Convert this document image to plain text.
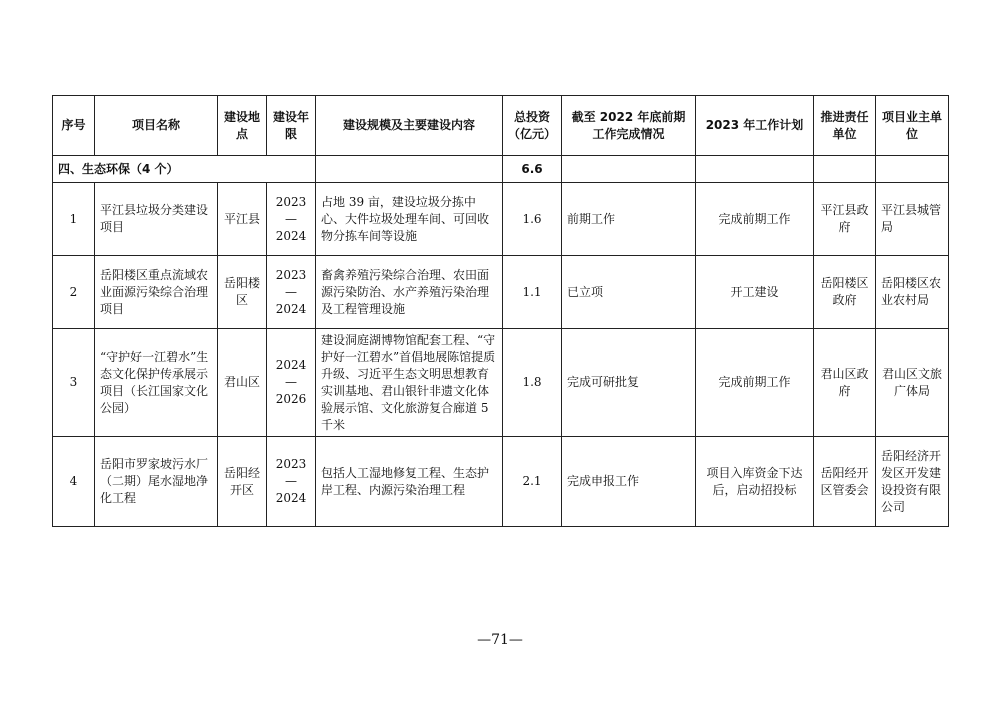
序号	项目名称	建设地点	建设年限	建设规模及主要建设内容	总投资（亿元）	截至 2022 年底前期工作完成情况	2023 年工作计划	推进责任单位	项目业主单位
四、生态环保（4 个）					6.6				
1	平江县垃圾分类建设项目	平江县	2023—2024	占地 39 亩，建设垃圾分拣中心、大件垃圾处理车间、可回收物分拣车间等设施	1.6	前期工作	完成前期工作	平江县政府	平江县城管局
2	岳阳楼区重点流域农业面源污染综合治理项目	岳阳楼区	2023—2024	畜禽养殖污染综合治理、农田面源污染防治、水产养殖污染治理及工程管理设施	1.1	已立项	开工建设	岳阳楼区政府	岳阳楼区农业农村局
3	“守护好一江碧水”生态文化保护传承展示项目（长江国家文化公园）	君山区	2024—2026	建设洞庭湖博物馆配套工程、“守护好一江碧水”首倡地展陈馆提质升级、习近平生态文明思想教育实训基地、君山银针非遗文化体验展示馆、文化旅游复合廊道 5 千米	1.8	完成可研批复	完成前期工作	君山区政府	君山区文旅广体局
4	岳阳市罗家坡污水厂（二期）尾水湿地净化工程	岳阳经开区	2023—2024	包括人工湿地修复工程、生态护岸工程、内源污染治理工程	2.1	完成申报工作	项目入库资金下达后，启动招投标	岳阳经开区管委会	岳阳经济开发区开发建设投资有限公司
—71—
